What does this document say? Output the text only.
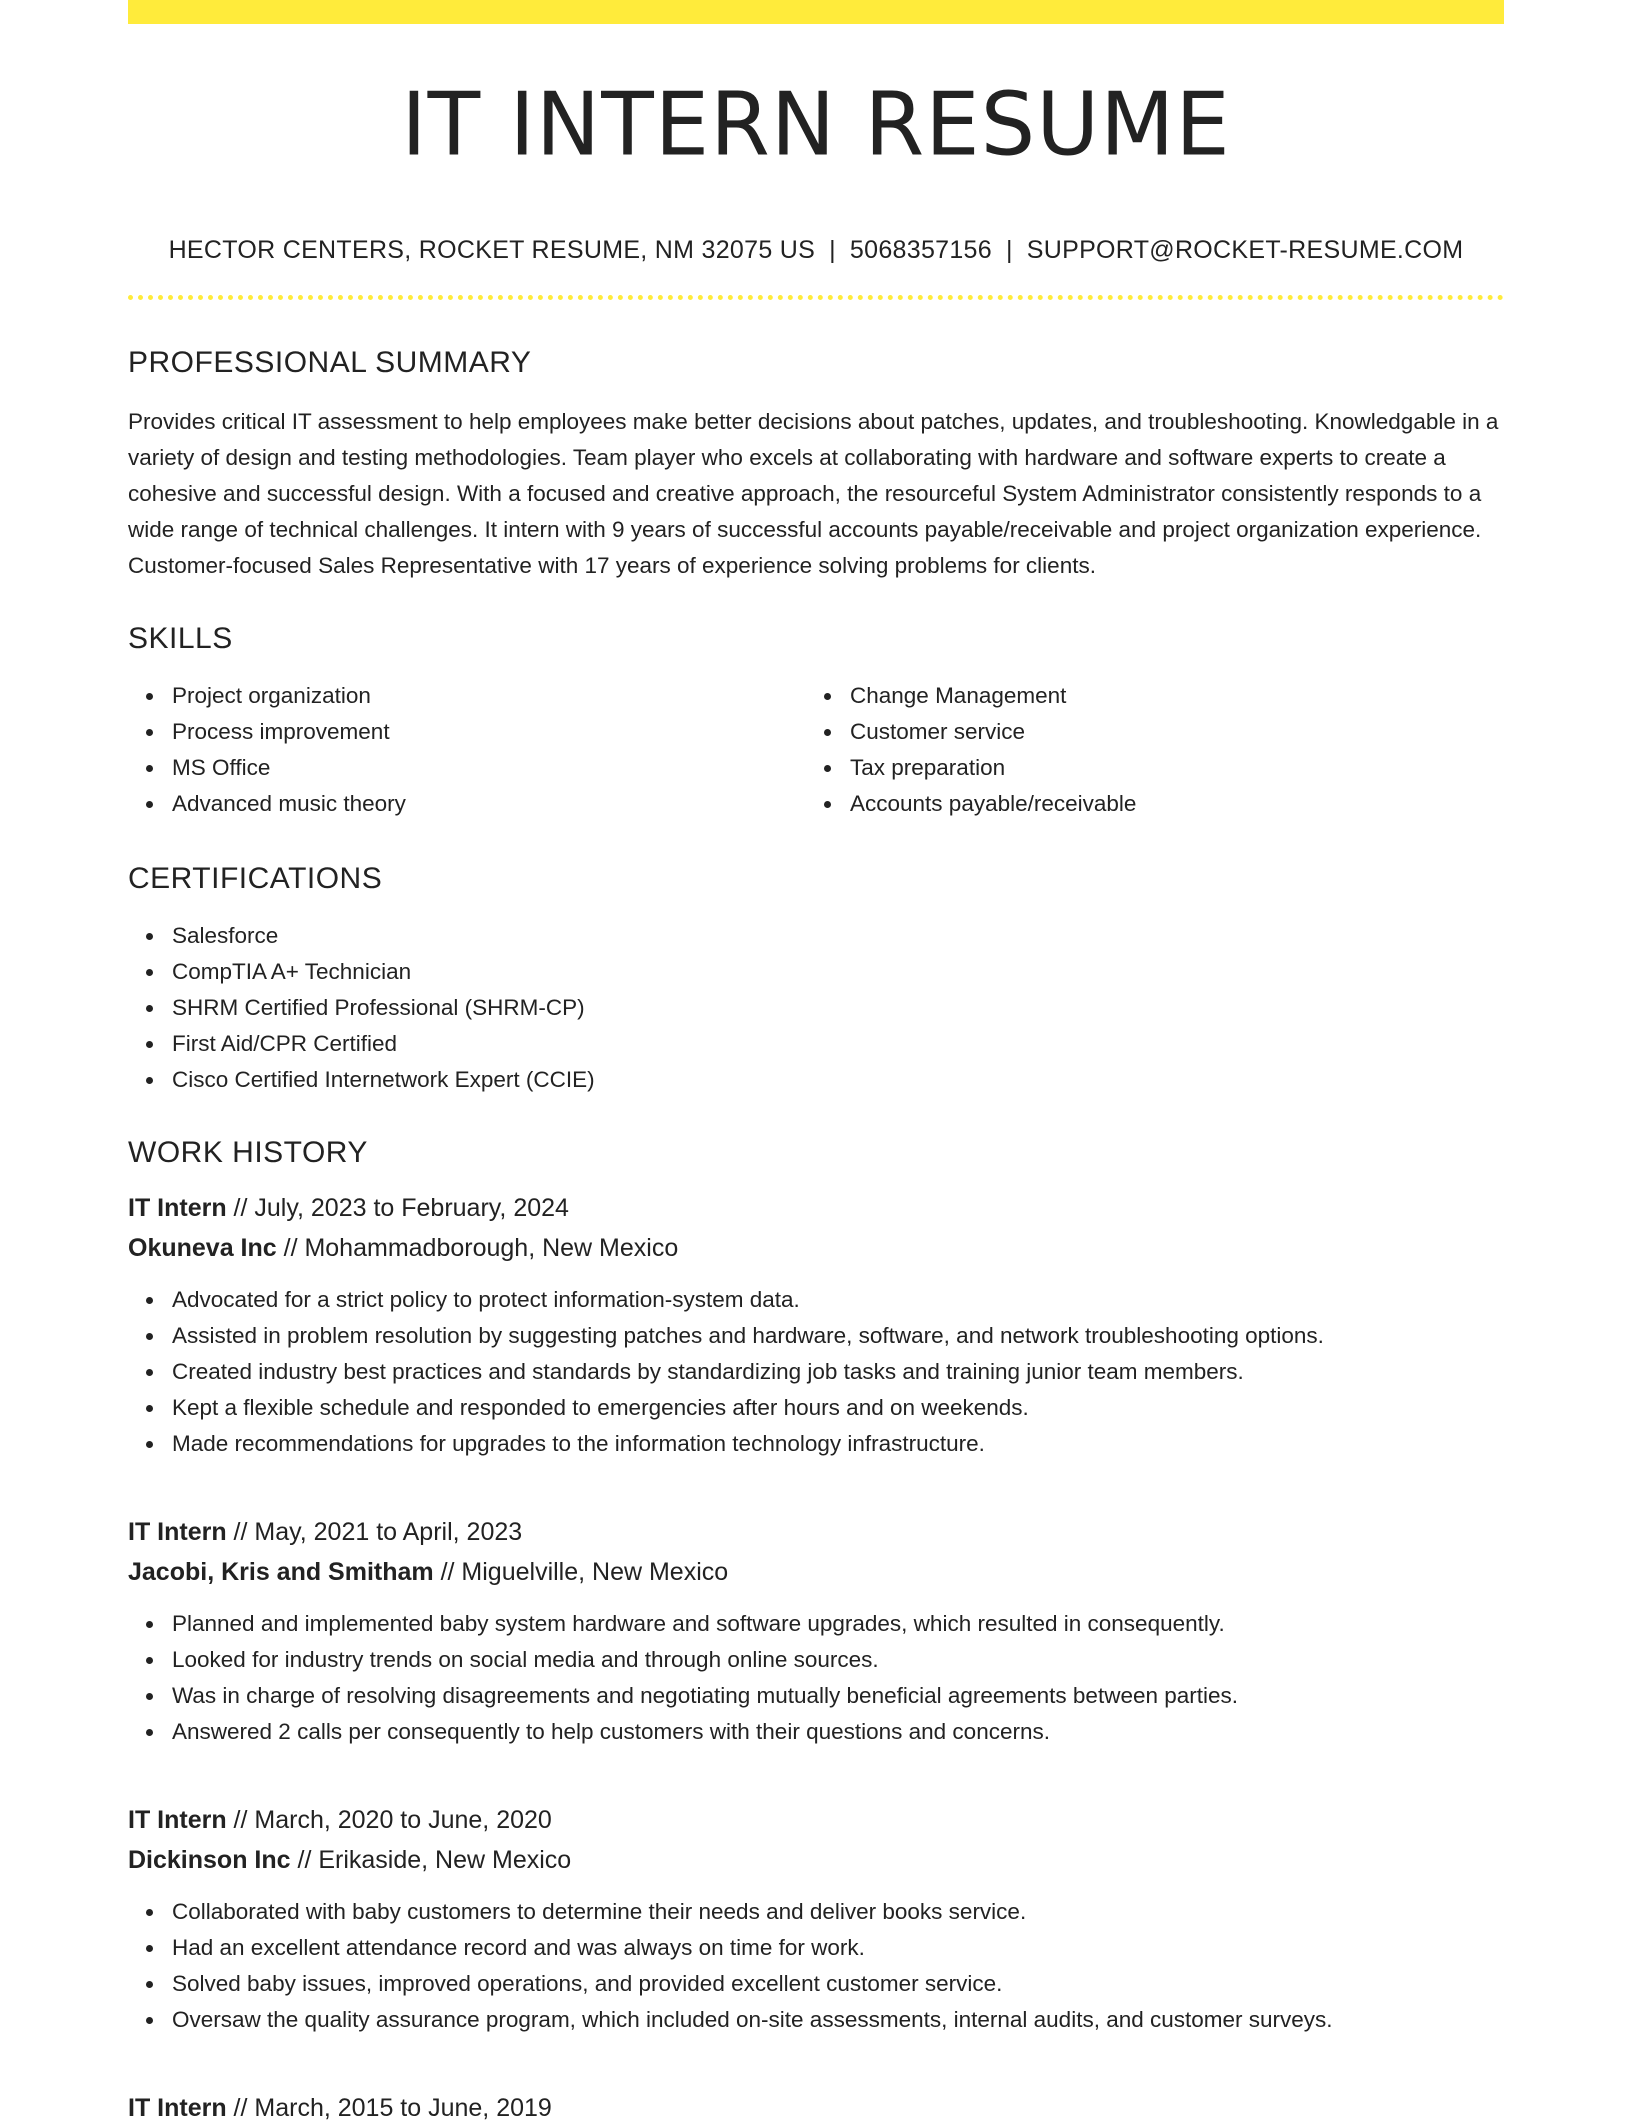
IT INTERN RESUME
HECTOR CENTERS, ROCKET RESUME, NM 32075 US | 5068357156 | SUPPORT@ROCKET-RESUME.COM
PROFESSIONAL SUMMARY
Provides critical IT assessment to help employees make better decisions about patches, updates, and troubleshooting. Knowledgable in a variety of design and testing methodologies. Team player who excels at collaborating with hardware and software experts to create a cohesive and successful design. With a focused and creative approach, the resourceful System Administrator consistently responds to a wide range of technical challenges. It intern with 9 years of successful accounts payable/receivable and project organization experience. Customer-focused Sales Representative with 17 years of experience solving problems for clients.
SKILLS
Project organization
Process improvement
MS Office
Advanced music theory
Change Management
Customer service
Tax preparation
Accounts payable/receivable
CERTIFICATIONS
Salesforce
CompTIA A+ Technician
SHRM Certified Professional (SHRM-CP)
First Aid/CPR Certified
Cisco Certified Internetwork Expert (CCIE)
WORK HISTORY
IT Intern // July, 2023 to February, 2024
Okuneva Inc // Mohammadborough, New Mexico
Advocated for a strict policy to protect information-system data.
Assisted in problem resolution by suggesting patches and hardware, software, and network troubleshooting options.
Created industry best practices and standards by standardizing job tasks and training junior team members.
Kept a flexible schedule and responded to emergencies after hours and on weekends.
Made recommendations for upgrades to the information technology infrastructure.
IT Intern // May, 2021 to April, 2023
Jacobi, Kris and Smitham // Miguelville, New Mexico
Planned and implemented baby system hardware and software upgrades, which resulted in consequently.
Looked for industry trends on social media and through online sources.
Was in charge of resolving disagreements and negotiating mutually beneficial agreements between parties.
Answered 2 calls per consequently to help customers with their questions and concerns.
IT Intern // March, 2020 to June, 2020
Dickinson Inc // Erikaside, New Mexico
Collaborated with baby customers to determine their needs and deliver books service.
Had an excellent attendance record and was always on time for work.
Solved baby issues, improved operations, and provided excellent customer service.
Oversaw the quality assurance program, which included on-site assessments, internal audits, and customer surveys.
IT Intern // March, 2015 to June, 2019
